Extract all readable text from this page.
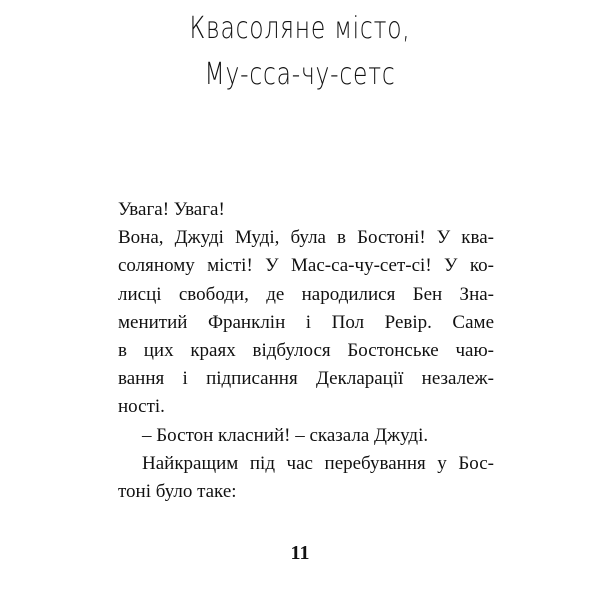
Квасоляне місто,
Му-сса-чу-сетс
Увага! Увага!
Вона, Джуді Муді, була в Бостоні! У ква-
соляному місті! У Мас-са-чу-сет-сі! У ко-
лисці свободи, де народилися Бен Зна-
менитий Франклін і Пол Ревір. Саме
в цих краях відбулося Бостонське чаю-
вання і підписання Декларації незалеж-
ності.
– Бостон класний! – сказала Джуді.
Найкращим під час перебування у Бос-
тоні було таке:
11
